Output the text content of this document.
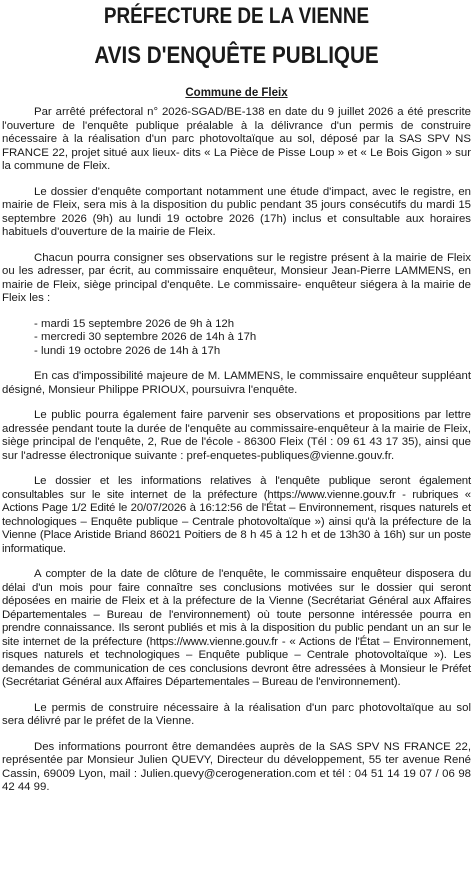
PRÉFECTURE DE LA VIENNE
AVIS D'ENQUÊTE PUBLIQUE
Commune de Fleix

Par arrêté préfectoral n° 2026-SGAD/BE-138 en date du 9 juillet 2026 a été prescrite l'ouverture de l'enquête publique préalable à la délivrance d'un permis de construire nécessaire à la réalisation d'un parc photovoltaïque au sol, déposé par la SAS SPV NS FRANCE 22, projet situé aux lieux- dits « La Pièce de Pisse Loup » et « Le Bois Gigon » sur la commune de Fleix.

Le dossier d'enquête comportant notamment une étude d'impact, avec le registre, en mairie de Fleix, sera mis à la disposition du public pendant 35 jours consécutifs du mardi 15 septembre 2026 (9h) au lundi 19 octobre 2026 (17h) inclus et consultable aux horaires habituels d'ouverture de la mairie de Fleix.

Chacun pourra consigner ses observations sur le registre présent à la mairie de Fleix ou les adresser, par écrit, au commissaire enquêteur, Monsieur Jean-Pierre LAMMENS, en mairie de Fleix, siège principal d'enquête. Le commissaire- enquêteur siégera à la mairie de Fleix les :

- mardi 15 septembre 2026 de 9h à 12h
- mercredi 30 septembre 2026 de 14h à 17h
- lundi 19 octobre 2026 de 14h à 17h

En cas d'impossibilité majeure de M. LAMMENS, le commissaire enquêteur suppléant désigné, Monsieur Philippe PRIOUX, poursuivra l'enquête.

Le public pourra également faire parvenir ses observations et propositions par lettre adressée pendant toute la durée de l'enquête au commissaire-enquêteur à la mairie de Fleix, siège principal de l'enquête, 2, Rue de l'école - 86300 Fleix (Tél : 09 61 43 17 35), ainsi que sur l'adresse électronique suivante : pref-enquetes-publiques@vienne.gouv.fr.

Le dossier et les informations relatives à l'enquête publique seront également consultables sur le site internet de la préfecture (https://www.vienne.gouv.fr - rubriques « Actions Page 1/2 Edité le 20/07/2026 à 16:12:56 de l'État – Environnement, risques naturels et technologiques – Enquête publique – Centrale photovoltaïque ») ainsi qu'à la préfecture de la Vienne (Place Aristide Briand 86021 Poitiers de 8 h 45 à 12 h et de 13h30 à 16h) sur un poste informatique.

A compter de la date de clôture de l'enquête, le commissaire enquêteur disposera du délai d'un mois pour faire connaître ses conclusions motivées sur le dossier qui seront déposées en mairie de Fleix et à la préfecture de la Vienne (Secrétariat Général aux Affaires Départementales – Bureau de l'environnement) où toute personne intéressée pourra en prendre connaissance. Ils seront publiés et mis à la disposition du public pendant un an sur le site internet de la préfecture (https://www.vienne.gouv.fr - « Actions de l'État – Environnement, risques naturels et technologiques – Enquête publique – Centrale photovoltaïque »). Les demandes de communication de ces conclusions devront être adressées à Monsieur le Préfet (Secrétariat Général aux Affaires Départementales – Bureau de l'environnement).

Le permis de construire nécessaire à la réalisation d'un parc photovoltaïque au sol sera délivré par le préfet de la Vienne.

Des informations pourront être demandées auprès de la SAS SPV NS FRANCE 22, représentée par Monsieur Julien QUEVY, Directeur du développement, 55 ter avenue René Cassin, 69009 Lyon, mail : Julien.quevy@cerogeneration.com et tél : 04 51 14 19 07 / 06 98 42 44 99.
